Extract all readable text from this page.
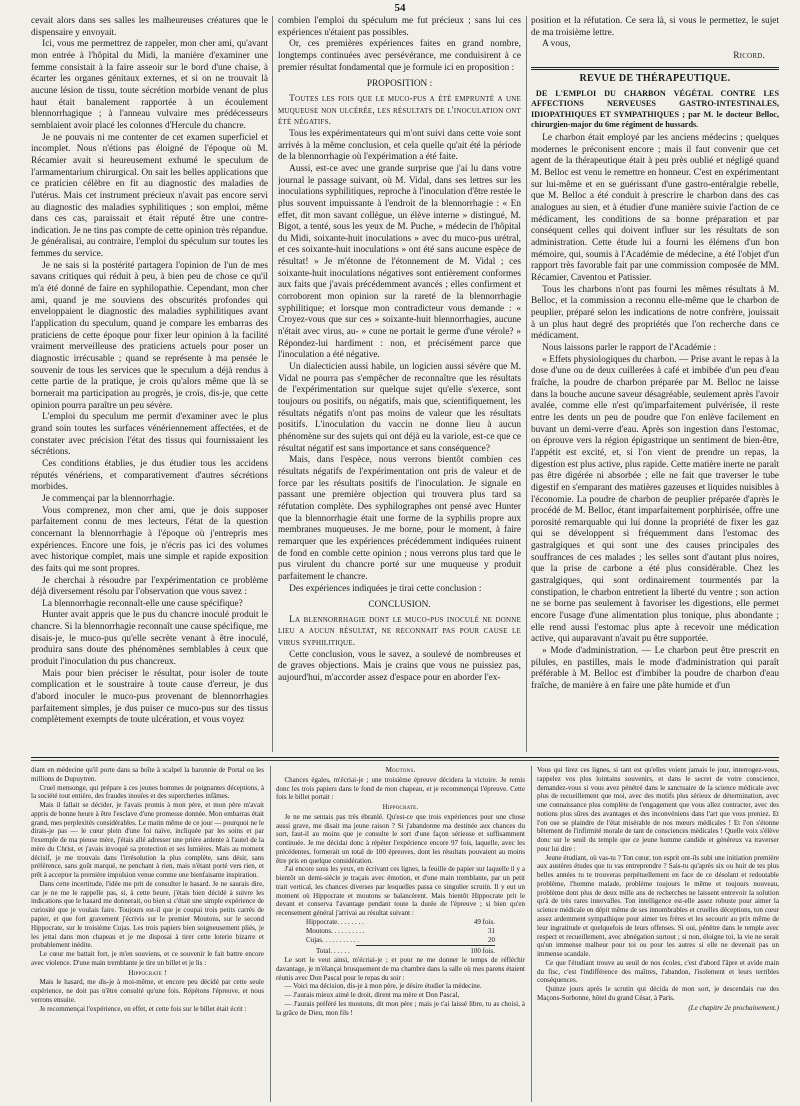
54

cevait alors dans ses salles les malheureuses créatures que le dispensaire y envoyait.

Ici, vous me permettrez de rappeler, mon cher ami, qu'avant mon entrée à l'hôpital du Midi, la manière d'examiner une femme consistait à la faire asseoir sur le bord d'une chaise, à écarter les organes génitaux externes, et si on ne trouvait là aucune lésion de tissu, toute sécrétion morbide venant de plus haut était banalement rapportée à un écoulement blennorrhagique ; à l'anneau vulvaire mes prédécesseurs semblaient avoir placé les colonnes d'Hercule du chancre.

Je ne pouvais ni me contenter de cet examen superficiel et incomplet. Nous n'étions pas éloigné de l'époque où M. Récamier avait si heureusement exhumé le speculum de l'armamentarium chirurgical. On sait les belles applications que ce praticien célèbre en fit au diagnostic des maladies de l'utérus. Mais cet instrument précieux n'avait pas encore servi au diagnostic des maladies syphilitiques ; son emploi, même dans ces cas, paraissait et était réputé être une contre-indication. Je ne tins pas compte de cette opinion très répandue. Je généralisai, au contraire, l'emploi du spéculum sur toutes les femmes du service.

Je ne sais si la postérité partagera l'opinion de l'un de mes savans critiques qui réduit à peu, à bien peu de chose ce qu'il m'a été donné de faire en syphilopathie. Cependant, mon cher ami, quand je me souviens des obscurités profondes qui enveloppaient le diagnostic des maladies syphilitiques avant l'application du speculum, quand je compare les embarras des praticiens de cette époque pour fixer leur opinion à la facilité vraiment merveilleuse des praticiens actuels pour poser un diagnostic irrécusable ; quand se représente à ma pensée le souvenir de tous les services que le speculum a déjà rendus à cette partie de la pratique, je crois qu'alors même que là se bornerait ma participation au progrès, je crois, dis-je, que cette opinion pourra paraître un peu sévère.

L'emploi du speculum me permit d'examiner avec le plus grand soin toutes les surfaces vénériennement affectées, et de constater avec précision l'état des tissus qui fournissaient les sécrétions.

Ces conditions établies, je dus étudier tous les accidens réputés vénériens, et comparativement d'autres sécrétions morbides.

Je commençai par la blennorrhagie.

Vous comprenez, mon cher ami, que je dois supposer parfaitement connu de mes lecteurs, l'état de la question concernant la blennorrhagie à l'époque où j'entrepris mes expériences. Encore une fois, je n'écris pas ici des volumes avec historique complet, mais une simple et rapide exposition des faits qui me sont propres.

Je cherchai à résoudre par l'expérimentation ce problème déjà diversement résolu par l'observation que vous savez :

La blennorrhagie reconnaît-elle une cause spécifique?

Hunter avait appris que le pus du chancre inoculé produit le chancre. Si la blennorrhagie reconnaît une cause spécifique, me disais-je, le muco-pus qu'elle secrète venant à être inoculé, produira sans doute des phénomènes semblables à ceux que produit l'inoculation du pus chancreux.

Mais pour bien préciser le résultat, pour isoler de toute complication et le soustraire à toute cause d'erreur, je dus d'abord inoculer le muco-pus provenant de blennorrhagies parfaitement simples, je dus puiser ce muco-pus sur des tissus complètement exempts de toute ulcération, et vous voyez

combien l'emploi du spéculum me fut précieux ; sans lui ces expériences n'étaient pas possibles.

Or, ces premières expériences faites en grand nombre, longtemps continuées avec persévérance, me conduisirent à ce premier résultat fondamental que je formule ici en proposition :

PROPOSITION :

Toutes les fois que le muco-pus a été emprunté a une muqueuse non ulcérée, les résultats de l'inoculation ont été négatifs.

Tous les expérimentateurs qui m'ont suivi dans cette voie sont arrivés à la même conclusion, et cela quelle qu'ait été la période de la blennorrhagie où l'expérimation a été faite.

Aussi, est-ce avec une grande surprise que j'ai lu dans votre journal le passage suivant, où M. Vidal, dans ses lettres sur les inoculations syphilitiques, reproche à l'inoculation d'être restée le plus souvent impuissante à l'endroit de la blennorrhagie : « En effet, dit mon savant collègue, un élève interne » distingué, M. Bigot, a tenté, sous les yeux de M. Puche, » médecin de l'hôpital du Midi, soixante-huit inoculations » avec du muco-pus urétral, et ces soixante-huit inoculations » ont été sans aucune espèce de résultat! » Je m'étonne de l'étonnement de M. Vidal ; ces soixante-huit inoculations négatives sont entièrement conformes aux faits que j'avais précédemment avancés ; elles confirment et corroborent mon opinion sur la rareté de la blennorrhagie syphilitique; et lorsque mon contradicteur vous demande : « Croyez-vous que sur ces » soixante-huit blennorrhagies, aucune n'était avec virus, au- » cune ne portait le germe d'une vérole? » Répondez-lui hardiment : non, et précisément parce que l'inoculation a été négative.

Un dialecticien aussi habile, un logicien aussi sévère que M. Vidal ne pourra pas s'empêcher de reconnaître que les résultats de l'expérimentation sur quelque sujet qu'elle s'exerce, sont toujours ou positifs, ou négatifs, mais que, scientifiquement, les résultats négatifs n'ont pas moins de valeur que les résultats positifs. L'inoculation du vaccin ne donne lieu à aucun phénomène sur des sujets qui ont déjà eu la variole, est-ce que ce résultat négatif est sans importance et sans conséquence?

Mais, dans l'espèce, nous verrons bientôt combien ces résultats négatifs de l'expérimentation ont pris de valeur et de force par les résultats positifs de l'inoculation. Je signale en passant une première objection qui trouvera plus tard sa réfutation complète. Des syphilographes ont pensé avec Hunter que la blennorrhagie était une forme de la syphilis propre aux membranes muqueuses. Je me borne, pour le moment, à faire remarquer que les expériences précédemment indiquées ruinent de fond en comble cette opinion ; nous verrons plus tard que le pus virulent du chancre porté sur une muqueuse y produit parfaitement le chancre.

Des expériences indiquées je tirai cette conclusion :

CONCLUSION.

La blennorrhagie dont le muco-pus inoculé ne donne lieu a aucun résultat, ne reconnait pas pour cause le virus syphilitique.

Cette conclusion, vous le savez, a soulevé de nombreuses et de graves objections. Mais je crains que vous ne puissiez pas, aujourd'hui, m'accorder assez d'espace pour en aborder l'ex-

position et la réfutation. Ce sera là, si vous le permettez, le sujet de ma troisième lettre.

A vous,

Ricord.

REVUE DE THÉRAPEUTIQUE.
DE L'EMPLOI DU CHARBON VÉGÉTAL CONTRE LES AFFECTIONS NERVEUSES GASTRO-INTESTINALES, IDIOPATHIQUES ET SYMPATHIQUES ; par M. le docteur Belloc, chirurgien-major du 6me régiment de hussards.

Le charbon était employé par les anciens médecins ; quelques modernes le préconisent encore ; mais il faut convenir que cet agent de la thérapeutique était à peu près oublié et négligé quand M. Belloc est venu le remettre en honneur. C'est en expérimentant sur lui-même et en se guérissant d'une gastro-entéralgie rebelle, que M. Belloc a été conduit à prescrire le charbon dans des cas analogues au sien, et à étudier d'une manière suivie l'action de ce médicament, les conditions de sa bonne préparation et par conséquent celles qui doivent influer sur les résultats de son administration. Cette étude lui a fourni les élémens d'un bon mémoire, qui, soumis à l'Académie de médecine, a été l'objet d'un rapport très favorable fait par une commission composée de MM. Récamier, Caventou et Patissier.

Tous les charbons n'ont pas fourni les mêmes résultats à M. Belloc, et la commission a reconnu elle-même que le charbon de peuplier, préparé selon les indications de notre confrère, jouissait à un plus haut degré des propriétés que l'on recherche dans ce médicament.

Nous laissons parler le rapport de l'Académie :

« Effets physiologiques du charbon. — Prise avant le repas à la dose d'une ou de deux cuillerées à café et imbibée d'un peu d'eau fraîche, la poudre de charbon préparée par M. Belloc ne laisse dans la bouche aucune saveur désagréable, seulement après l'avoir avalée, comme elle n'est qu'imparfaitement pulvérisée, il reste entre les dents un peu de poudre que l'on enlève facilement en buvant un demi-verre d'eau. Après son ingestion dans l'estomac, on éprouve vers la région épigastrique un sentiment de bien-être, l'appétit est excité, et, si l'on vient de prendre un repas, la digestion est plus active, plus rapide. Cette matière inerte ne paraît pas être digérée ni absorbée ; elle ne fait que traverser le tube digestif en s'emparant des matières gazeuses et liquides nuisibles à l'économie. La poudre de charbon de peuplier préparée d'après le procédé de M. Belloc, étant imparfaitement porphirisée, offre une porosité remarquable qui lui donne la propriété de fixer les gaz qui se développent si fréquemment dans l'estomac des gastralgiques et qui sont une des causes principales des souffrances de ces malades ; les selles sont d'autant plus noires, que la prise de carbone a été plus considérable. Chez les gastralgiques, qui sont ordinairement tourmentés par la constipation, le charbon entretient la liberté du ventre ; son action ne se borne pas seulement à favoriser les digestions, elle permet encore l'usage d'une alimentation plus tonique, plus abondante ; elle rend aussi l'estomac plus apte à recevoir une médication active, qui auparavant n'avait pu être supportée.

» Mode d'administration. — Le charbon peut être prescrit en pilules, en pastilles, mais le mode d'administration qui paraît préférable à M. Belloc est d'imbiber la poudre de charbon d'eau fraîche, de manière à en faire une pâte humide et d'un

diant en médecine qu'il porte dans sa boîte à scalpel la baronnie de Portal ou les millions de Dupuytren.

Cruel mensonge, qui prépare à ces jeunes hommes de poignantes déceptions, à la société tout entière, des fraudes inouïes et des supercheries infâmes.

Mais il fallait se décider, je l'avais promis à mon père, et mon père m'avait appris de bonne heure à être l'esclave d'une promesse donnée. Mon embarras était grand, mes perplexités considérables. Le matin même de ce jour — pourquoi ne le dirais-je pas — le cœur plein d'une foi naïve, incliquée par les soins et par l'exemple de ma pieuse mère, j'étais allé adresser une prière ardente à l'autel de la mère du Christ, et j'avais invoqué sa protection et ses lumières. Mais au moment décisif, je me trouvais dans l'irrésolution la plus complète, sans désir, sans préférence, sans goût marqué, ne penchant à rien, mais n'étant porté vers rien, et prêt à accepter la première impulsion venue comme une bienfaisante inspiration.

Dans cette incertitude, l'idée me prit de consulter le hasard. Je ne saurais dire, car je ne me le rappelle pas, si, à cette heure, j'étais bien décidé à suivre les indications que le hasard me donnerait, ou bien si c'était une simple expérience de curiosité que je voulais faire. Toujours est-il que je coupai trois petits carrés de papier, et que fort gravement j'écrivis sur le premier Moutons, sur le second Hippocrate, sur le troisième Cujas. Les trois papiers bien soigneusement pliés, je les jettai dans mon chapeau et je me disposai à tirer cette loterie bizarre et probablement inédite.

Le cœur me battait fort, je m'en souviens, et ce souvenir le fait battre encore avec violence. D'une main tremblante je tire un billet et je lis :

Hippocrate !

Mais le hasard, me dis-je à moi-même, et encore peu décidé par cette seule expérience, ne doit pas n'être consulté qu'une fois. Répétons l'épreuve, et nous verrons ensuite.

Je recommençai l'expérience, en effet, et cette fois sur le billet était écrit :

Moutons.

Chances égales, m'écriai-je ; une troisième épreuve décidera la victoire. Je remis donc les trois papiers dans le fond de mon chapeau, et je recommençai l'épreuve. Cette fois le billet portait :

Hippocrate.

Je ne me sentais pas très ébranlé. Qu'est-ce que trois expériences pour une chose aussi grave, me disait ma jeune raison ? Si j'abandonne ma destinée aux chances du sort, faut-il au moins que je consulte le sort d'une façon sérieuse et suffisamment continuée. Je me décidai donc à répéter l'expérience encore 97 fois, laquelle, avec les précédentes, formerait un total de 100 épreuves, dont les résultats pouvaient au moins être pris en quelque considération.

J'ai encore sous les yeux, en écrivant ces lignes, la feuille de papier sur laquelle il y a bientôt un demi-siècle je traçais avec émotion, et d'une main tremblante, par un petit trait vertical, les chances diverses par lesquelles passa ce singulier scrutin. Il y eut un moment où Hippocrate et moutons se balancèrent. Mais bientôt Hippocrate prit le devant et conserva l'avantage pendant toute la durée de l'épreuve ; si bien qu'en recensement général j'arrivai au résultat suivant :

Hippocrate. . . . . . . .	49 fois.
Moutons. . . . . . . . . .	31
Cujas. . . . . . . . . . .	20
Total. . . . . .	100 fois.

Le sort le veut ainsi, m'écriai-je ; et pour ne me donner le temps de réfléchir davantage, je m'élançai brusquement de ma chambre dans la salle où mes parens étaient réunis avec Don Pascal pour le repas du soir :

— Voici ma décision, dis-je à mon père, je désire étudier la médecine.

— J'aurais mieux aimé le droit, dirent ma mère et Don Pascal,

— J'aurais préféré les moutons, dit mon père ; mais je t'ai laissé libre, tu as choisi, à la grâce de Dieu, mon fils !

Vous qui lirez ces lignes, si tant est qu'elles voient jamais le jour, interrogez-vous, rappelez vos plus lointains souvenirs, et dans le secret de votre conscience, demandez-vous si vous avez pénétré dans le sanctuaire de la science médicale avec plus de recueillement que moi, avec des motifs plus sérieux de détermination, avec une connaissance plus complète de l'engagement que vous allez contracter, avec des notions plus sûres des avantages et des inconvéniens dans l'art que vous preniez. Et l'on ose se plaindre de l'état misérable de nos mœurs médicales ! Et l'on s'étonne bêtement de l'infirmité morale de tant de consciences médicales ! Quelle voix s'élève donc sur le seuil du temple que ce jeune homme candide et généreux va traverser pour lui dire :

Jeune étudiant, où vas-tu ? Ton cœur, ton esprit ont-ils subi une initiation première aux austères études que tu vas entreprendre ? Sais-tu qu'après six ou huit de tes plus belles années tu te trouveras perpétuellement en face de ce désolant et redoutable problème, l'homme malade, problème toujours le même et toujours nouveau, problème dont plus de deux mille ans de recherches ne laissent entrevoir la solution qu'à de très rares intervalles. Ton intelligence est-elle assez robuste pour aimer la science médicale en dépit même de ses innombrables et cruelles déceptions, ton cœur assez ardemment sympathique pour aimer tes frères et les secourir au prix même de leur ingratitude et quelquefois de leurs offenses. Si oui, pénètre dans le temple avec respect et recueillement, avec abnégation surtout ; si non, éloigne toi, la vie ne serait qu'un immense malheur pour toi ou pour les autres si elle ne devenait pas un immense scandale.

Ce que l'étudiant trouve au seuil de nos écoles, c'est d'abord l'âpre et avide main du fisc, c'est l'indifférence des maîtres, l'abandon, l'isolement et leurs terribles conséquences.

Quinze jours après le scrutin qui décida de mon sort, je descendais rue des Maçons-Sorbonne, hôtel du grand César, à Paris.

(Le chapitre 2e prochainement.)
